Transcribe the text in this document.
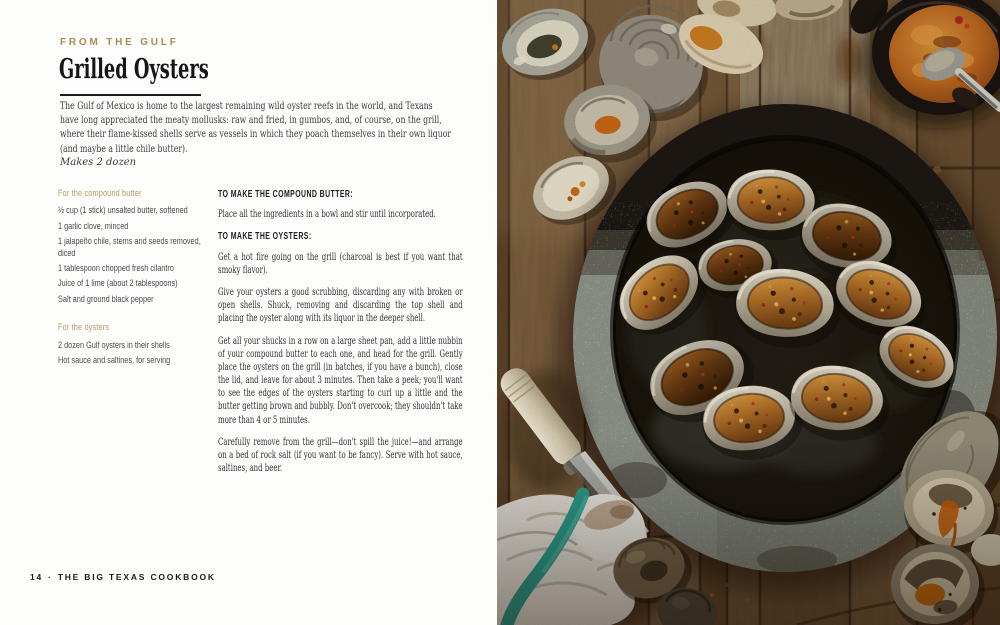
FROM THE GULF
Grilled Oysters

The Gulf of Mexico is home to the largest remaining wild oyster reefs in the world, and Texans have long appreciated the meaty mollusks: raw and fried, in gumbos, and, of course, on the grill, where their flame-kissed shells serve as vessels in which they poach themselves in their own liquor (and maybe a little chile butter).

Makes 2 dozen

For the compound butter
½ cup (1 stick) unsalted butter, softened
1 garlic clove, minced
1 jalapeño chile, stems and seeds removed, diced
1 tablespoon chopped fresh cilantro
Juice of 1 lime (about 2 tablespoons)
Salt and ground black pepper
For the oysters
2 dozen Gulf oysters in their shells
Hot sauce and saltines, for serving
TO MAKE THE COMPOUND BUTTER:

Place all the ingredients in a bowl and stir until incorporated.

TO MAKE THE OYSTERS:

Get a hot fire going on the grill (charcoal is best if you want that smoky flavor).

Give your oysters a good scrubbing, discarding any with broken or open shells. Shuck, removing and discarding the top shell and placing the oyster along with its liquor in the deeper shell.

Get all your shucks in a row on a large sheet pan, add a little nubbin of your compound butter to each one, and head for the grill. Gently place the oysters on the grill (in batches, if you have a bunch), close the lid, and leave for about 3 minutes. Then take a peek; you'll want to see the edges of the oysters starting to curl up a little and the butter getting brown and bubbly. Don't overcook; they shouldn't take more than 4 or 5 minutes.

Carefully remove from the grill—don't spill the juice!—and arrange on a bed of rock salt (if you want to be fancy). Serve with hot sauce, saltines, and beer.

14 · THE BIG TEXAS COOKBOOK
